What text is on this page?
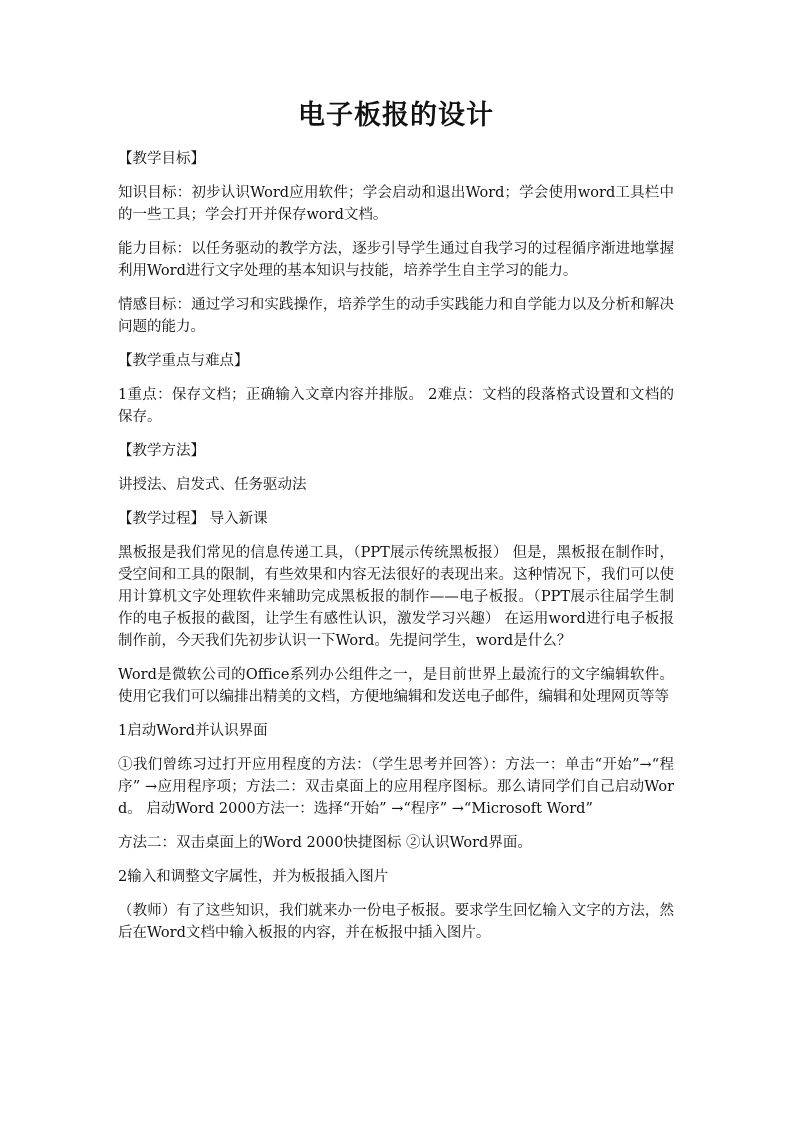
电子板报的设计

【教学目标】

知识目标：初步认识Word应用软件；学会启动和退出Word；学会使用word工具栏中的一些工具；学会打开并保存word文档。

能力目标：以任务驱动的教学方法，逐步引导学生通过自我学习的过程循序渐进地掌握利用Word进行文字处理的基本知识与技能，培养学生自主学习的能力。

情感目标：通过学习和实践操作，培养学生的动手实践能力和自学能力以及分析和解决问题的能力。

【教学重点与难点】

1重点：保存文档；正确输入文章内容并排版。 2难点：文档的段落格式设置和文档的保存。

【教学方法】

讲授法、启发式、任务驱动法

【教学过程】 导入新课

黑板报是我们常见的信息传递工具，（PPT展示传统黑板报） 但是，黑板报在制作时，受空间和工具的限制，有些效果和内容无法很好的表现出来。这种情况下，我们可以使用计算机文字处理软件来辅助完成黑板报的制作——电子板报。（PPT展示往届学生制作的电子板报的截图，让学生有感性认识，激发学习兴趣） 在运用word进行电子板报制作前，今天我们先初步认识一下Word。先提问学生，word是什么？

Word是微软公司的Office系列办公组件之一，是目前世界上最流行的文字编辑软件。使用它我们可以编排出精美的文档，方便地编辑和发送电子邮件，编辑和处理网页等等

1启动Word并认识界面

①我们曾练习过打开应用程度的方法：（学生思考并回答）：方法一：单击“开始”→“程序” →应用程序项；方法二：双击桌面上的应用程序图标。那么请同学们自己启动Word。 启动Word 2000方法一：选择“开始” →“程序” →“Microsoft Word”

方法二：双击桌面上的Word 2000快捷图标 ②认识Word界面。

2输入和调整文字属性，并为板报插入图片

（教师）有了这些知识，我们就来办一份电子板报。要求学生回忆输入文字的方法，然后在Word文档中输入板报的内容，并在板报中插入图片。
